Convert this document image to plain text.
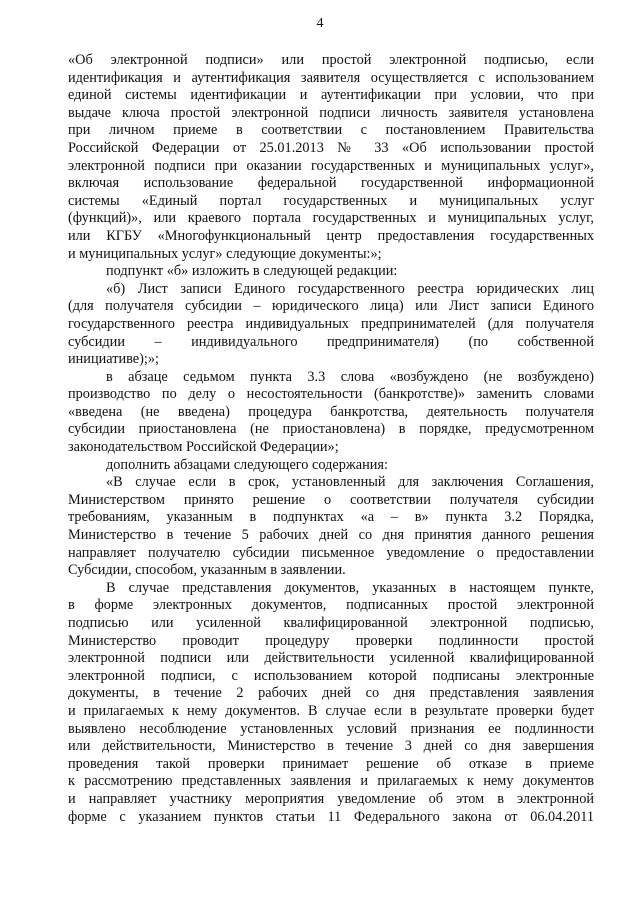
4
«Об электронной подписи» или простой электронной подписью, если
идентификация и аутентификация заявителя осуществляется с использованием
единой системы идентификации и аутентификации при условии, что при
выдаче ключа простой электронной подписи личность заявителя установлена
при личном приеме в соответствии с постановлением Правительства
Российской Федерации от 25.01.2013 № 33 «Об использовании простой
электронной подписи при оказании государственных и муниципальных услуг»,
включая использование федеральной государственной информационной
системы «Единый портал государственных и муниципальных услуг
(функций)», или краевого портала государственных и муниципальных услуг,
или КГБУ «Многофункциональный центр предоставления государственных
и муниципальных услуг» следующие документы:»;
подпункт «б» изложить в следующей редакции:
«б) Лист записи Единого государственного реестра юридических лиц
(для получателя субсидии – юридического лица) или Лист записи Единого
государственного реестра индивидуальных предпринимателей (для получателя
субсидии – индивидуального предпринимателя) (по собственной
инициативе);»;
в абзаце седьмом пункта 3.3 слова «возбуждено (не возбуждено)
производство по делу о несостоятельности (банкротстве)» заменить словами
«введена (не введена) процедура банкротства, деятельность получателя
субсидии приостановлена (не приостановлена) в порядке, предусмотренном
законодательством Российской Федерации»;
дополнить абзацами следующего содержания:
«В случае если в срок, установленный для заключения Соглашения,
Министерством принято решение о соответствии получателя субсидии
требованиям, указанным в подпунктах «а – в» пункта 3.2 Порядка,
Министерство в течение 5 рабочих дней со дня принятия данного решения
направляет получателю субсидии письменное уведомление о предоставлении
Субсидии, способом, указанным в заявлении.
В случае представления документов, указанных в настоящем пункте,
в форме электронных документов, подписанных простой электронной
подписью или усиленной квалифицированной электронной подписью,
Министерство проводит процедуру проверки подлинности простой
электронной подписи или действительности усиленной квалифицированной
электронной подписи, с использованием которой подписаны электронные
документы, в течение 2 рабочих дней со дня представления заявления
и прилагаемых к нему документов. В случае если в результате проверки будет
выявлено несоблюдение установленных условий признания ее подлинности
или действительности, Министерство в течение 3 дней со дня завершения
проведения такой проверки принимает решение об отказе в приеме
к рассмотрению представленных заявления и прилагаемых к нему документов
и направляет участнику мероприятия уведомление об этом в электронной
форме с указанием пунктов статьи 11 Федерального закона от 06.04.2011
